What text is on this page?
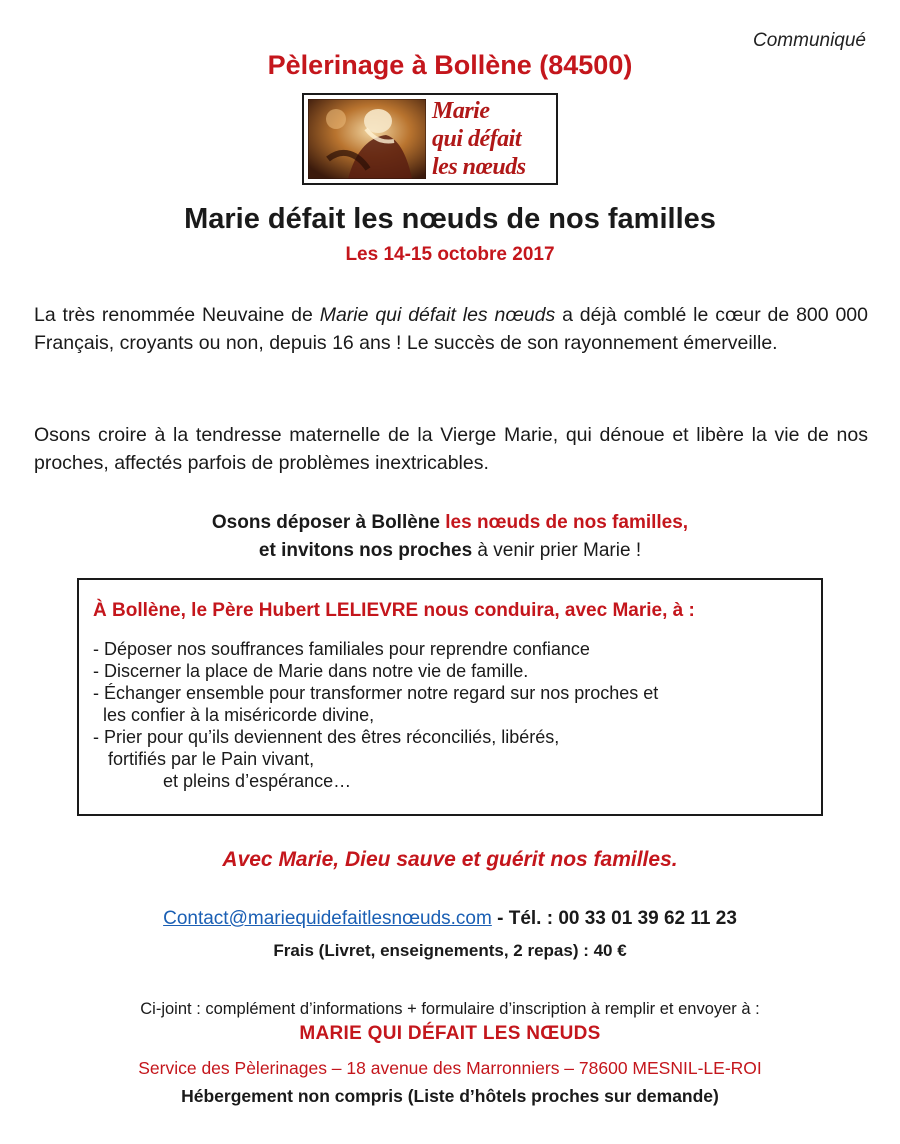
Communiqué
Pèlerinage à Bollène (84500)
Marie
qui défait
les nœuds
Marie défait les nœuds de nos familles
Les 14-15 octobre 2017
La très renommée Neuvaine de Marie qui défait les nœuds a déjà comblé le cœur de 800 000 Français, croyants ou non, depuis 16 ans ! Le succès de son rayonnement émerveille.
Osons croire à la tendresse maternelle de la Vierge Marie, qui dénoue et libère la vie de nos proches, affectés parfois de problèmes inextricables.
Osons déposer à Bollène les nœuds de nos familles,
et invitons nos proches à venir prier Marie !
À Bollène, le Père Hubert LELIEVRE nous conduira, avec Marie, à :
- Déposer nos souffrances familiales pour reprendre confiance
- Discerner la place de Marie dans notre vie de famille.
- Échanger ensemble pour transformer notre regard sur nos proches et
les confier à la miséricorde divine,
- Prier pour qu’ils deviennent des êtres réconciliés, libérés,
fortifiés par le Pain vivant,
et pleins d’espérance…
Avec Marie, Dieu sauve et guérit nos familles.
Contact@mariequidefaitlesnœuds.com - Tél. : 00 33 01 39 62 11 23
Frais (Livret, enseignements, 2 repas) : 40 €
Ci-joint : complément d’informations + formulaire d’inscription à remplir et envoyer à :
MARIE QUI DÉFAIT LES NŒUDS
Service des Pèlerinages – 18 avenue des Marronniers – 78600 MESNIL-LE-ROI
Hébergement non compris (Liste d’hôtels proches sur demande)
